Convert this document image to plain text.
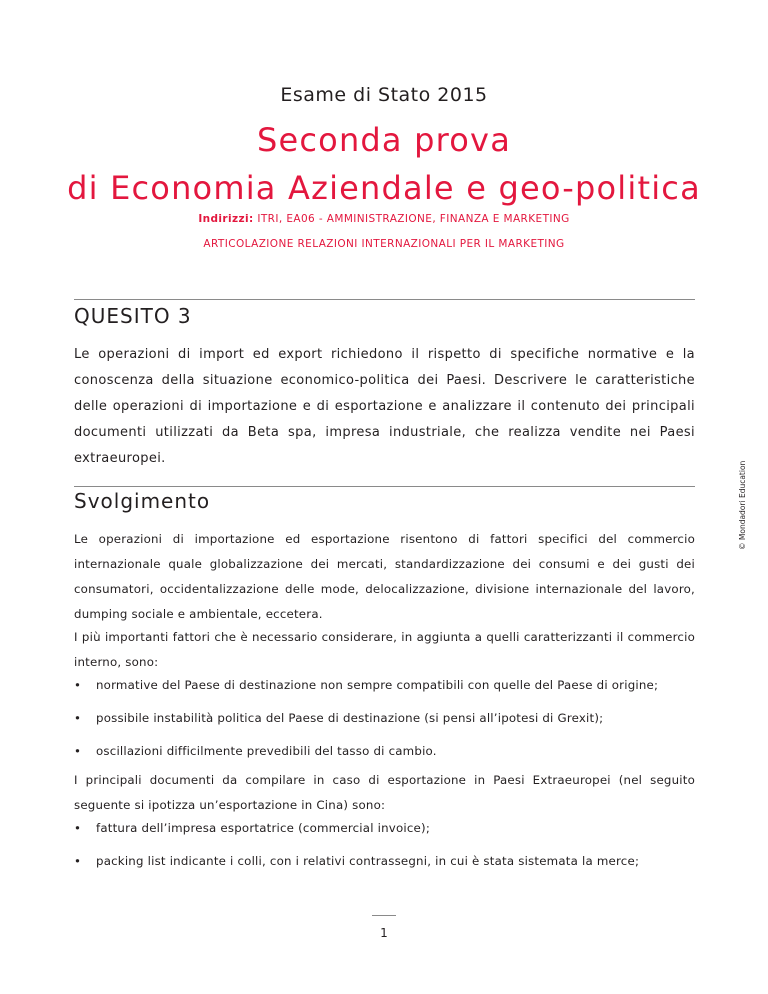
Esame di Stato 2015
Seconda prova
di Economia Aziendale e geo-politica
Indirizzi: ITRI, EA06 - AMMINISTRAZIONE, FINANZA E MARKETING
ARTICOLAZIONE RELAZIONI INTERNAZIONALI PER IL MARKETING
QUESITO 3
Le operazioni di import ed export richiedono il rispetto di specifiche normative e la conoscenza della situazione economico-politica dei Paesi. Descrivere le caratteristiche delle operazioni di importazione e di esportazione e analizzare il contenuto dei principali documenti utilizzati da Beta spa, impresa industriale, che realizza vendite nei Paesi extraeuropei.
© Mondadori Education
Svolgimento
Le operazioni di importazione ed esportazione risentono di fattori specifici del commercio internazionale quale globalizzazione dei mercati, standardizzazione dei consumi e dei gusti dei consumatori, occidentalizzazione delle mode, delocalizzazione, divisione internazionale del lavoro, dumping sociale e ambientale, eccetera.
I più importanti fattori che è necessario considerare, in aggiunta a quelli caratterizzanti il commercio interno, sono:
• normative del Paese di destinazione non sempre compatibili con quelle del Paese di origine;
• possibile instabilità politica del Paese di destinazione (si pensi all’ipotesi di Grexit);
• oscillazioni difficilmente prevedibili del tasso di cambio.
I principali documenti da compilare in caso di esportazione in Paesi Extraeuropei (nel seguito seguente si ipotizza un’esportazione in Cina) sono:
• fattura dell’impresa esportatrice (commercial invoice);
• packing list indicante i colli, con i relativi contrassegni, in cui è stata sistemata la merce;
1
